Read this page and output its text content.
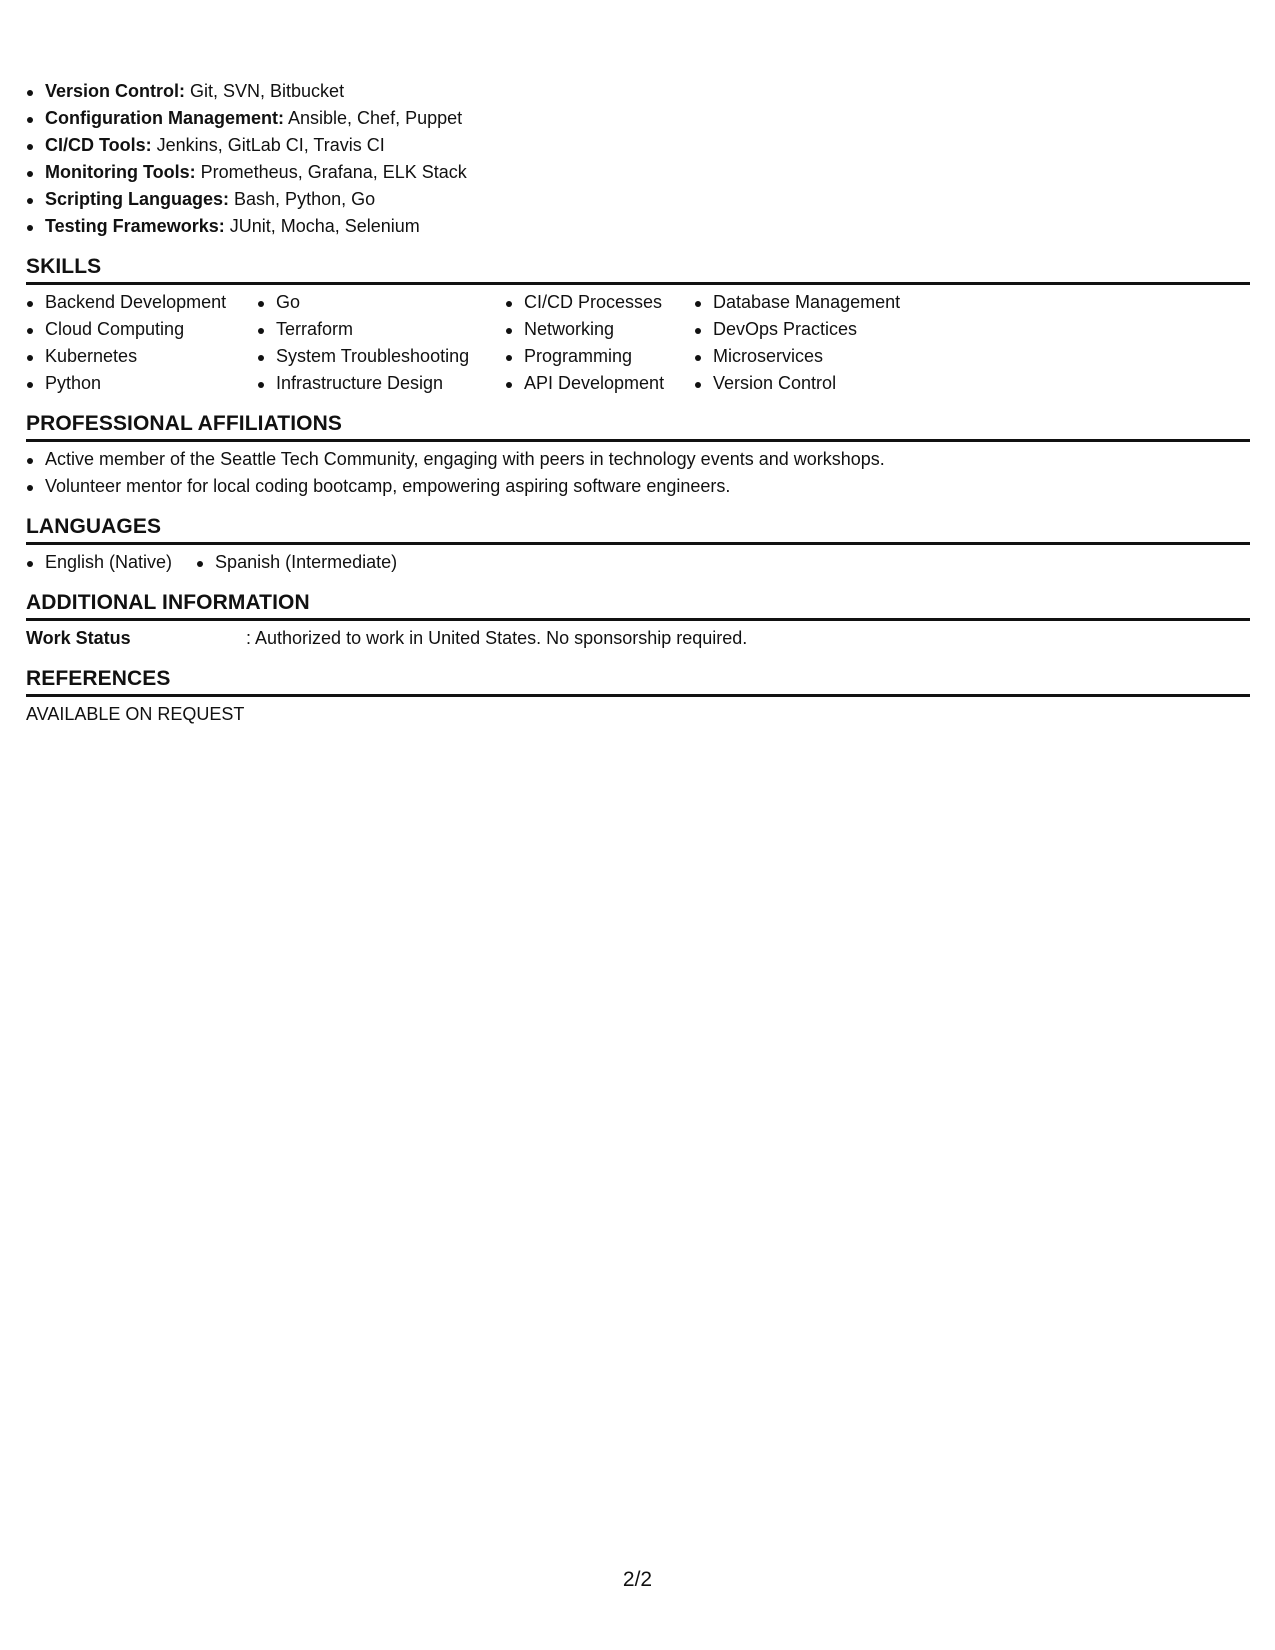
Version Control: Git, SVN, Bitbucket
Configuration Management: Ansible, Chef, Puppet
CI/CD Tools: Jenkins, GitLab CI, Travis CI
Monitoring Tools: Prometheus, Grafana, ELK Stack
Scripting Languages: Bash, Python, Go
Testing Frameworks: JUnit, Mocha, Selenium
SKILLS
Backend Development
Cloud Computing
Kubernetes
Python
Go
Terraform
System Troubleshooting
Infrastructure Design
CI/CD Processes
Networking
Programming
API Development
Database Management
DevOps Practices
Microservices
Version Control
PROFESSIONAL AFFILIATIONS
Active member of the Seattle Tech Community, engaging with peers in technology events and workshops.
Volunteer mentor for local coding bootcamp, empowering aspiring software engineers.
LANGUAGES
English (Native)	Spanish (Intermediate)
ADDITIONAL INFORMATION
Work Status	: Authorized to work in United States. No sponsorship required.
REFERENCES
AVAILABLE ON REQUEST
2/2
